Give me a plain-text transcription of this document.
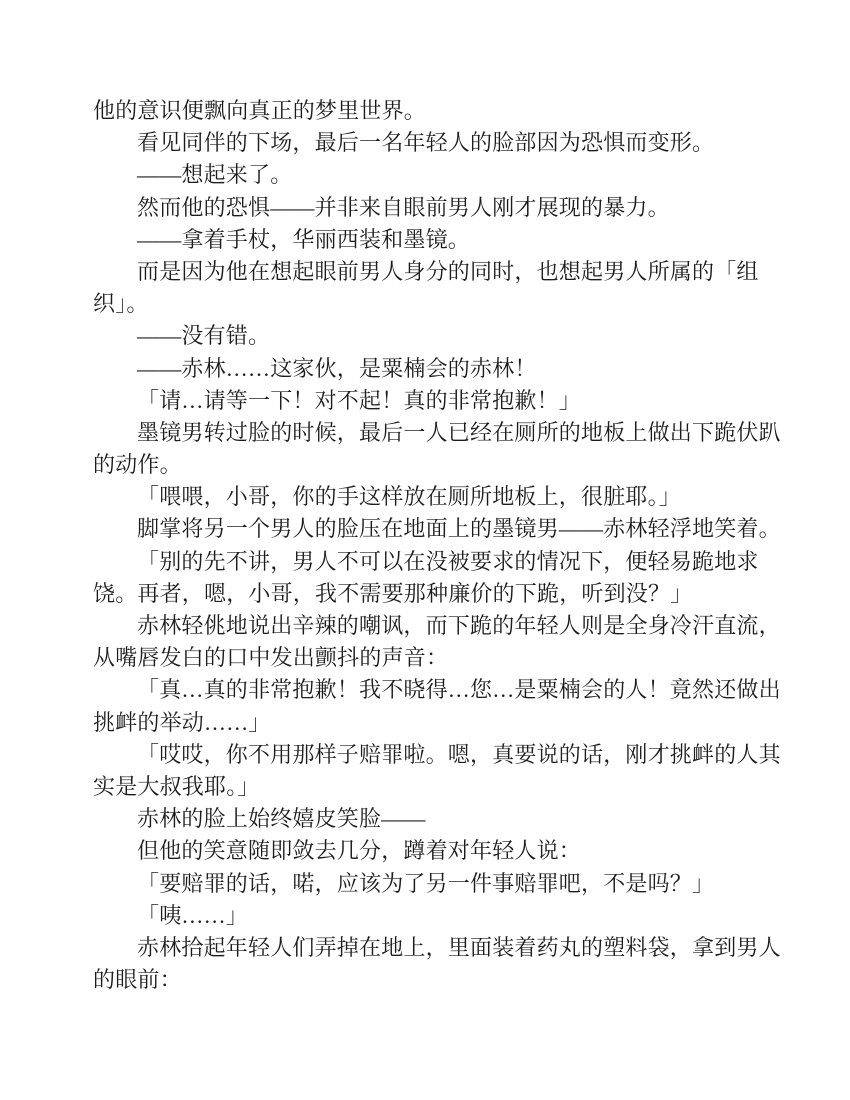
他的意识便飘向真正的梦里世界。
看见同伴的下场，最后一名年轻人的脸部因为恐惧而变形。
——想起来了。
然而他的恐惧——并非来自眼前男人刚才展现的暴力。
——拿着手杖，华丽西装和墨镜。
而是因为他在想起眼前男人身分的同时，也想起男人所属的「组
织」。
——没有错。
——赤林……这家伙，是粟楠会的赤林！
「请…请等一下！对不起！真的非常抱歉！」
墨镜男转过脸的时候，最后一人已经在厕所的地板上做出下跪伏趴
的动作。
「喂喂，小哥，你的手这样放在厕所地板上，很脏耶。」
脚掌将另一个男人的脸压在地面上的墨镜男——赤林轻浮地笑着。
「别的先不讲，男人不可以在没被要求的情况下，便轻易跪地求
饶。再者，嗯，小哥，我不需要那种廉价的下跪，听到没？」
赤林轻佻地说出辛辣的嘲讽，而下跪的年轻人则是全身冷汗直流，
从嘴唇发白的口中发出颤抖的声音：
「真…真的非常抱歉！我不晓得…您…是粟楠会的人！竟然还做出
挑衅的举动……」
「哎哎，你不用那样子赔罪啦。嗯，真要说的话，刚才挑衅的人其
实是大叔我耶。」
赤林的脸上始终嬉皮笑脸——
但他的笑意随即敛去几分，蹲着对年轻人说：
「要赔罪的话，喏，应该为了另一件事赔罪吧，不是吗？」
「咦……」
赤林拾起年轻人们弄掉在地上，里面装着药丸的塑料袋，拿到男人
的眼前：
